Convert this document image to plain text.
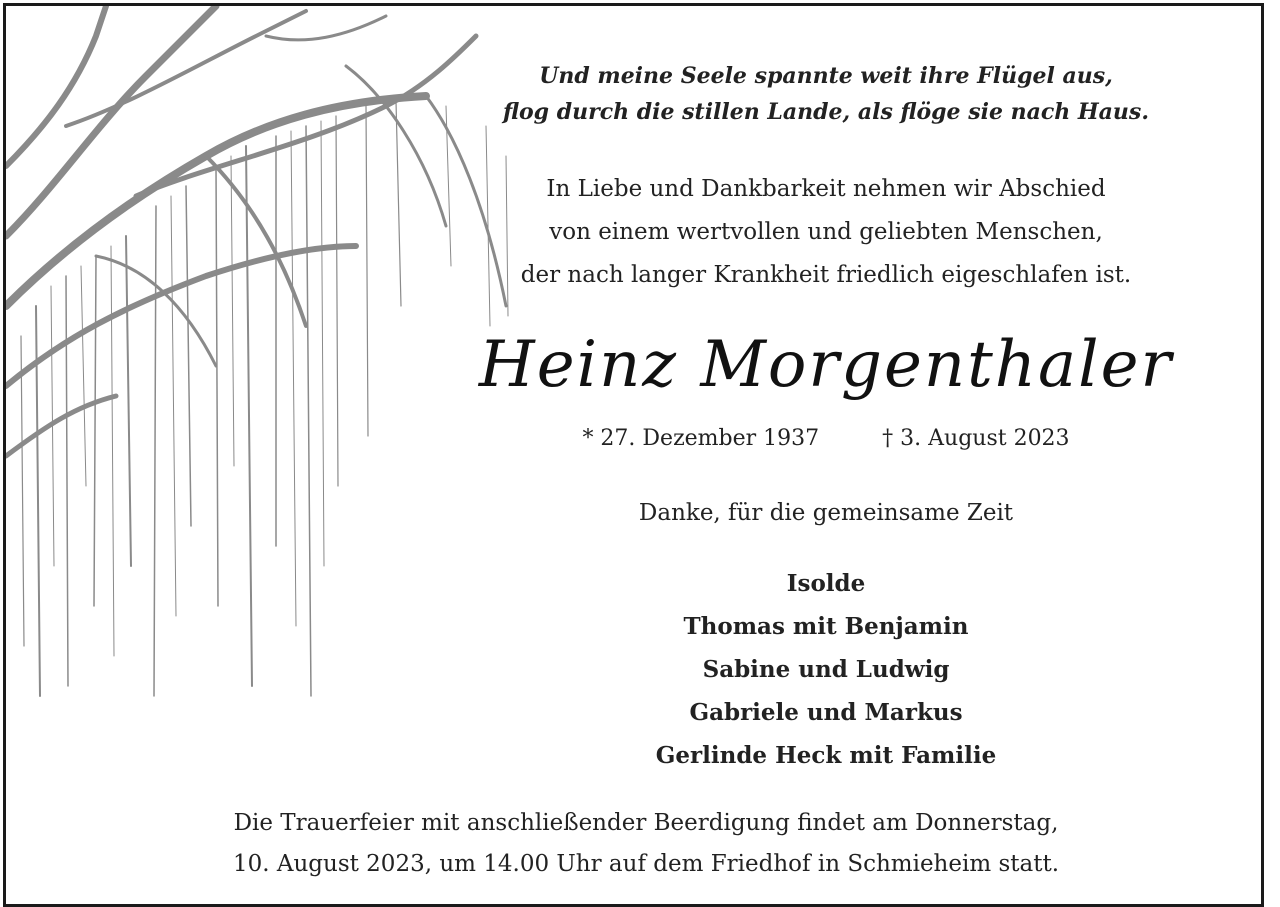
Und meine Seele spannte weit ihre Flügel aus,
flog durch die stillen Lande, als flöge sie nach Haus.
In Liebe und Dankbarkeit nehmen wir Abschied
von einem wertvollen und geliebten Menschen,
der nach langer Krankheit friedlich eigeschlafen ist.
Heinz Morgenthaler
* 27. Dezember 1937	† 3. August 2023
Danke, für die gemeinsame Zeit
Isolde
Thomas mit Benjamin
Sabine und Ludwig
Gabriele und Markus
Gerlinde Heck mit Familie
Die Trauerfeier mit anschließender Beerdigung findet am Donnerstag,
10. August 2023, um 14.00 Uhr auf dem Friedhof in Schmieheim statt.
